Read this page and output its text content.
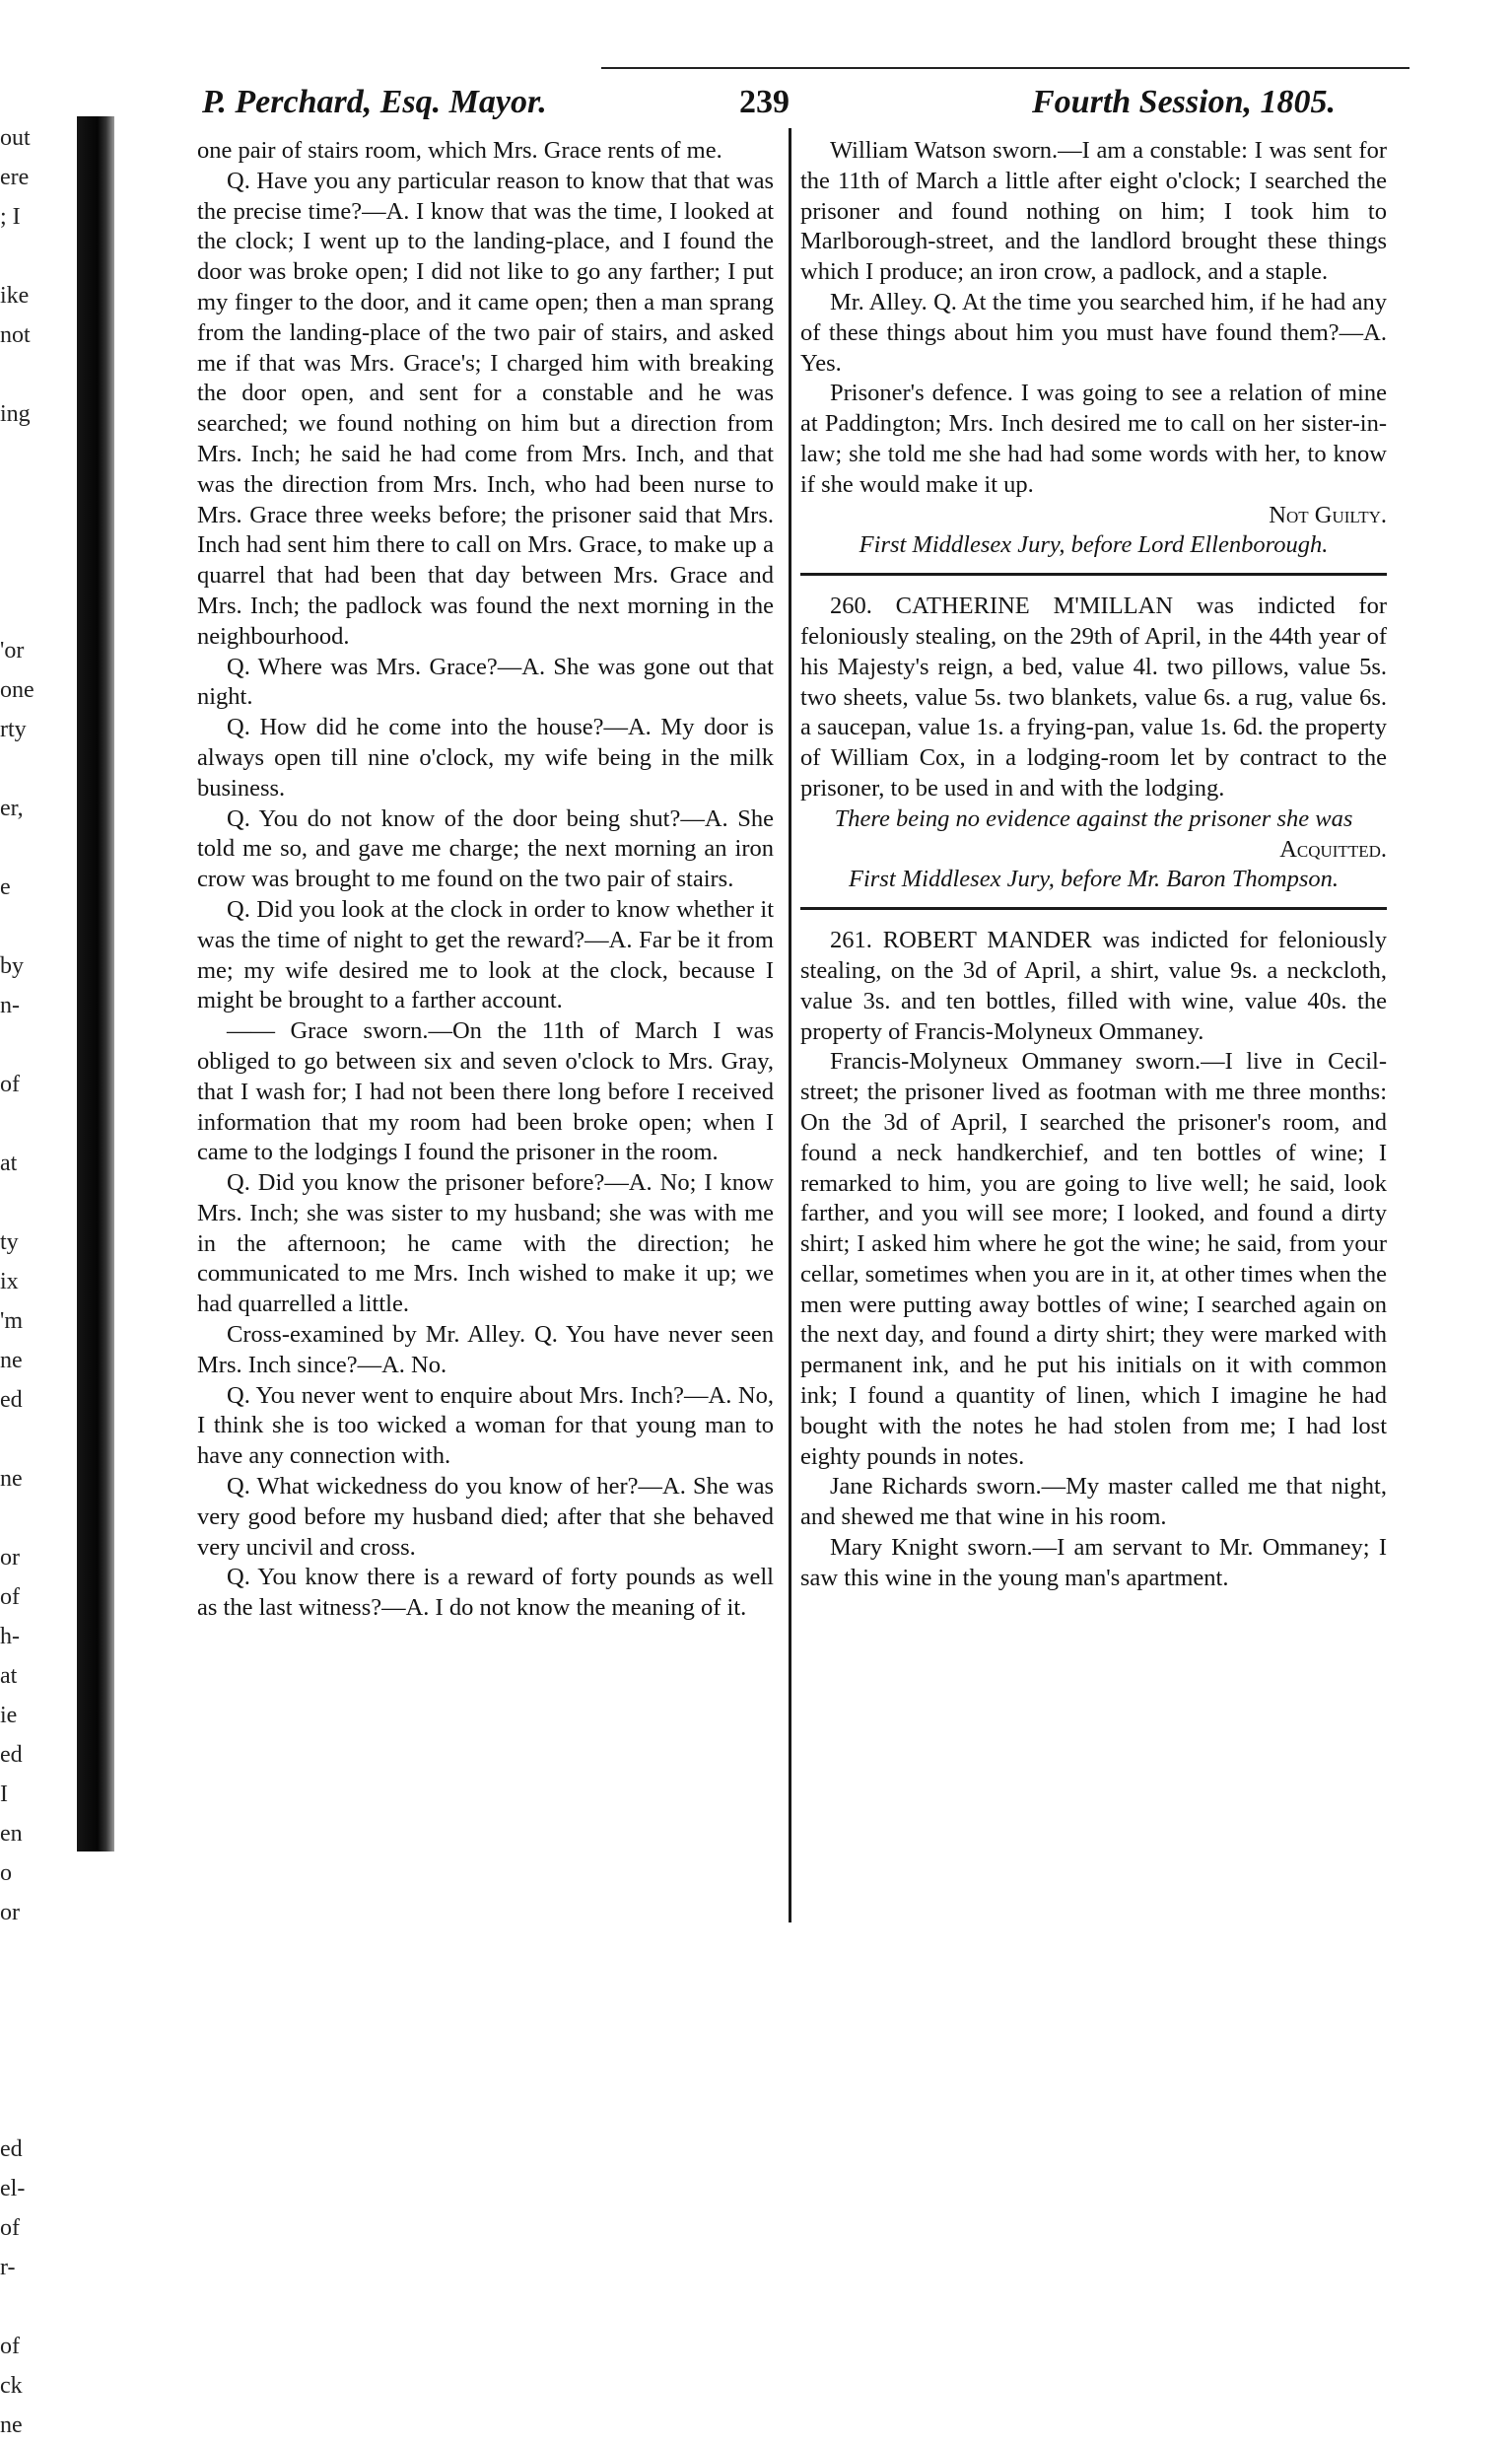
P. Perchard, Esq. Mayor.	239	Fourth Session, 1805.
out
ere
; I
ike
not
ing
'or
one
rty
er,
e
by
n-
of
at
ty
ix
'm
ne
ed
ne
or
of
h-
at
ie
ed
I
en
o
or
ed
el-
of
r-
of
ck
ne

one pair of stairs room, which Mrs. Grace rents of me.

Q. Have you any particular reason to know that that was the precise time?—A. I know that was the time, I looked at the clock; I went up to the landing-place, and I found the door was broke open; I did not like to go any farther; I put my finger to the door, and it came open; then a man sprang from the landing-place of the two pair of stairs, and asked me if that was Mrs. Grace's; I charged him with breaking the door open, and sent for a constable and he was searched; we found nothing on him but a direction from Mrs. Inch; he said he had come from Mrs. Inch, and that was the direction from Mrs. Inch, who had been nurse to Mrs. Grace three weeks before; the prisoner said that Mrs. Inch had sent him there to call on Mrs. Grace, to make up a quarrel that had been that day between Mrs. Grace and Mrs. Inch; the padlock was found the next morning in the neighbourhood.

Q. Where was Mrs. Grace?—A. She was gone out that night.

Q. How did he come into the house?—A. My door is always open till nine o'clock, my wife being in the milk business.

Q. You do not know of the door being shut?—A. She told me so, and gave me charge; the next morning an iron crow was brought to me found on the two pair of stairs.

Q. Did you look at the clock in order to know whether it was the time of night to get the reward?—A. Far be it from me; my wife desired me to look at the clock, because I might be brought to a farther account.

—— Grace sworn.—On the 11th of March I was obliged to go between six and seven o'clock to Mrs. Gray, that I wash for; I had not been there long before I received information that my room had been broke open; when I came to the lodgings I found the prisoner in the room.

Q. Did you know the prisoner before?—A. No; I know Mrs. Inch; she was sister to my husband; she was with me in the afternoon; he came with the direction; he communicated to me Mrs. Inch wished to make it up; we had quarrelled a little.

Cross-examined by Mr. Alley. Q. You have never seen Mrs. Inch since?—A. No.

Q. You never went to enquire about Mrs. Inch?—A. No, I think she is too wicked a woman for that young man to have any connection with.

Q. What wickedness do you know of her?—A. She was very good before my husband died; after that she behaved very uncivil and cross.

Q. You know there is a reward of forty pounds as well as the last witness?—A. I do not know the meaning of it.

William Watson sworn.—I am a constable: I was sent for the 11th of March a little after eight o'clock; I searched the prisoner and found nothing on him; I took him to Marlborough-street, and the landlord brought these things which I produce; an iron crow, a padlock, and a staple.

Mr. Alley. Q. At the time you searched him, if he had any of these things about him you must have found them?—A. Yes.

Prisoner's defence. I was going to see a relation of mine at Paddington; Mrs. Inch desired me to call on her sister-in-law; she told me she had had some words with her, to know if she would make it up.

Not Guilty.

First Middlesex Jury, before Lord Ellenborough.

260. CATHERINE M'MILLAN was indicted for feloniously stealing, on the 29th of April, in the 44th year of his Majesty's reign, a bed, value 4l. two pillows, value 5s. two sheets, value 5s. two blankets, value 6s. a rug, value 6s. a saucepan, value 1s. a frying-pan, value 1s. 6d. the property of William Cox, in a lodging-room let by contract to the prisoner, to be used in and with the lodging.

There being no evidence against the prisoner she was

Acquitted.

First Middlesex Jury, before Mr. Baron Thompson.

261. ROBERT MANDER was indicted for feloniously stealing, on the 3d of April, a shirt, value 9s. a neckcloth, value 3s. and ten bottles, filled with wine, value 40s. the property of Francis-Molyneux Ommaney.

Francis-Molyneux Ommaney sworn.—I live in Cecil-street; the prisoner lived as footman with me three months: On the 3d of April, I searched the prisoner's room, and found a neck handkerchief, and ten bottles of wine; I remarked to him, you are going to live well; he said, look farther, and you will see more; I looked, and found a dirty shirt; I asked him where he got the wine; he said, from your cellar, sometimes when you are in it, at other times when the men were putting away bottles of wine; I searched again on the next day, and found a dirty shirt; they were marked with permanent ink, and he put his initials on it with common ink; I found a quantity of linen, which I imagine he had bought with the notes he had stolen from me; I had lost eighty pounds in notes.

Jane Richards sworn.—My master called me that night, and shewed me that wine in his room.

Mary Knight sworn.—I am servant to Mr. Ommaney; I saw this wine in the young man's apartment.
